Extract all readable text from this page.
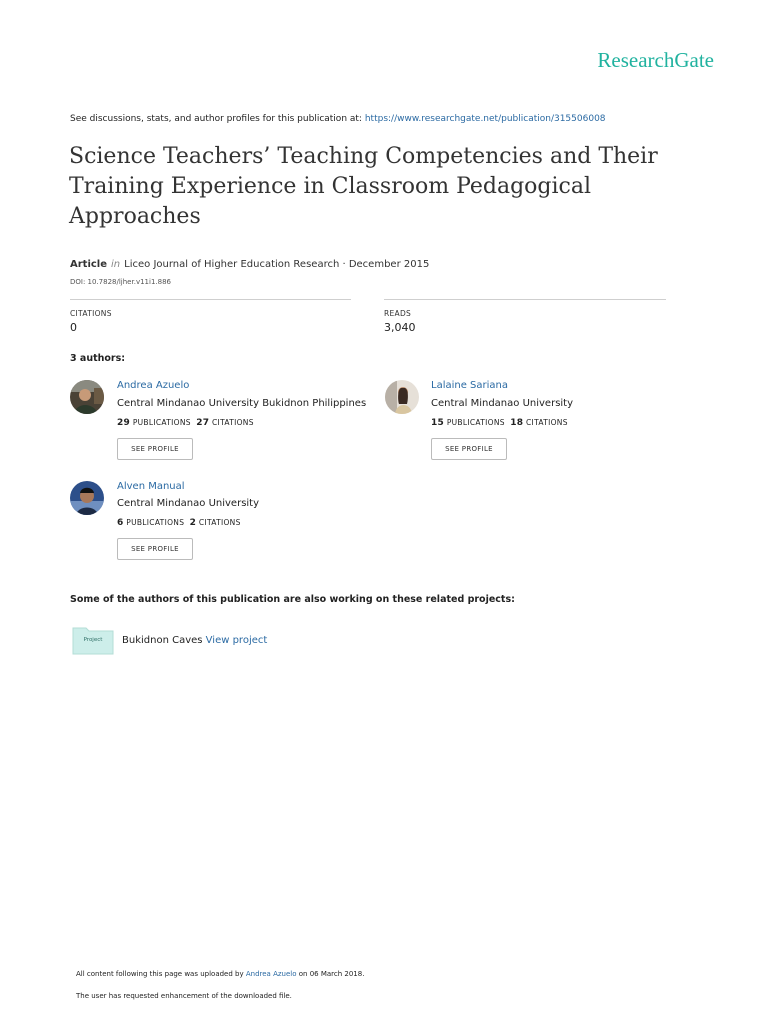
ResearchGate
See discussions, stats, and author profiles for this publication at: https://www.researchgate.net/publication/315506008
Science Teachers’ Teaching Competencies and Their Training Experience in Classroom Pedagogical Approaches
Article in Liceo Journal of Higher Education Research · December 2015
DOI: 10.7828/ljher.v11i1.886
CITATIONS
0
READS
3,040
3 authors:
Andrea Azuelo
Central Mindanao University Bukidnon Philippines
29 PUBLICATIONS 27 CITATIONS
SEE PROFILE
Lalaine Sariana
Central Mindanao University
15 PUBLICATIONS 18 CITATIONS
SEE PROFILE
Alven Manual
Central Mindanao University
6 PUBLICATIONS 2 CITATIONS
SEE PROFILE
Some of the authors of this publication are also working on these related projects:
Project	Bukidnon Caves View project
All content following this page was uploaded by Andrea Azuelo on 06 March 2018.
The user has requested enhancement of the downloaded file.
